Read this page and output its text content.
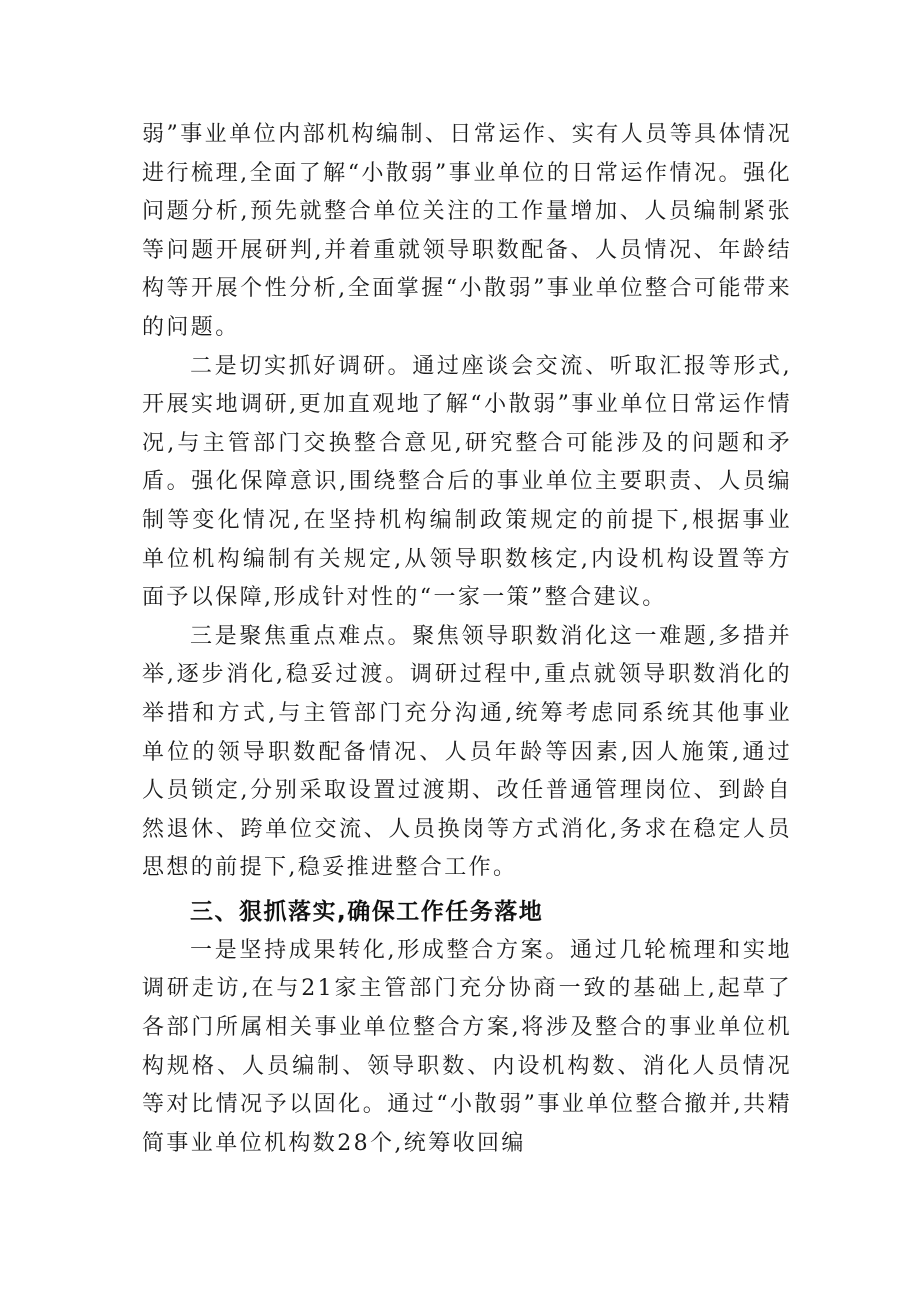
弱”事业单位内部机构编制、日常运作、实有人员等具体情况进行梳理,全面了解“小散弱”事业单位的日常运作情况。强化问题分析,预先就整合单位关注的工作量增加、人员编制紧张等问题开展研判,并着重就领导职数配备、人员情况、年龄结构等开展个性分析,全面掌握“小散弱”事业单位整合可能带来的问题。

二是切实抓好调研。通过座谈会交流、听取汇报等形式,开展实地调研,更加直观地了解“小散弱”事业单位日常运作情况,与主管部门交换整合意见,研究整合可能涉及的问题和矛盾。强化保障意识,围绕整合后的事业单位主要职责、人员编制等变化情况,在坚持机构编制政策规定的前提下,根据事业单位机构编制有关规定,从领导职数核定,内设机构设置等方面予以保障,形成针对性的“一家一策”整合建议。

三是聚焦重点难点。聚焦领导职数消化这一难题,多措并举,逐步消化,稳妥过渡。调研过程中,重点就领导职数消化的举措和方式,与主管部门充分沟通,统筹考虑同系统其他事业单位的领导职数配备情况、人员年龄等因素,因人施策,通过人员锁定,分别采取设置过渡期、改任普通管理岗位、到龄自然退休、跨单位交流、人员换岗等方式消化,务求在稳定人员思想的前提下,稳妥推进整合工作。

三、狠抓落实,确保工作任务落地

一是坚持成果转化,形成整合方案。通过几轮梳理和实地调研走访,在与21家主管部门充分协商一致的基础上,起草了各部门所属相关事业单位整合方案,将涉及整合的事业单位机构规格、人员编制、领导职数、内设机构数、消化人员情况等对比情况予以固化。通过“小散弱”事业单位整合撤并,共精简事业单位机构数28个,统筹收回编
